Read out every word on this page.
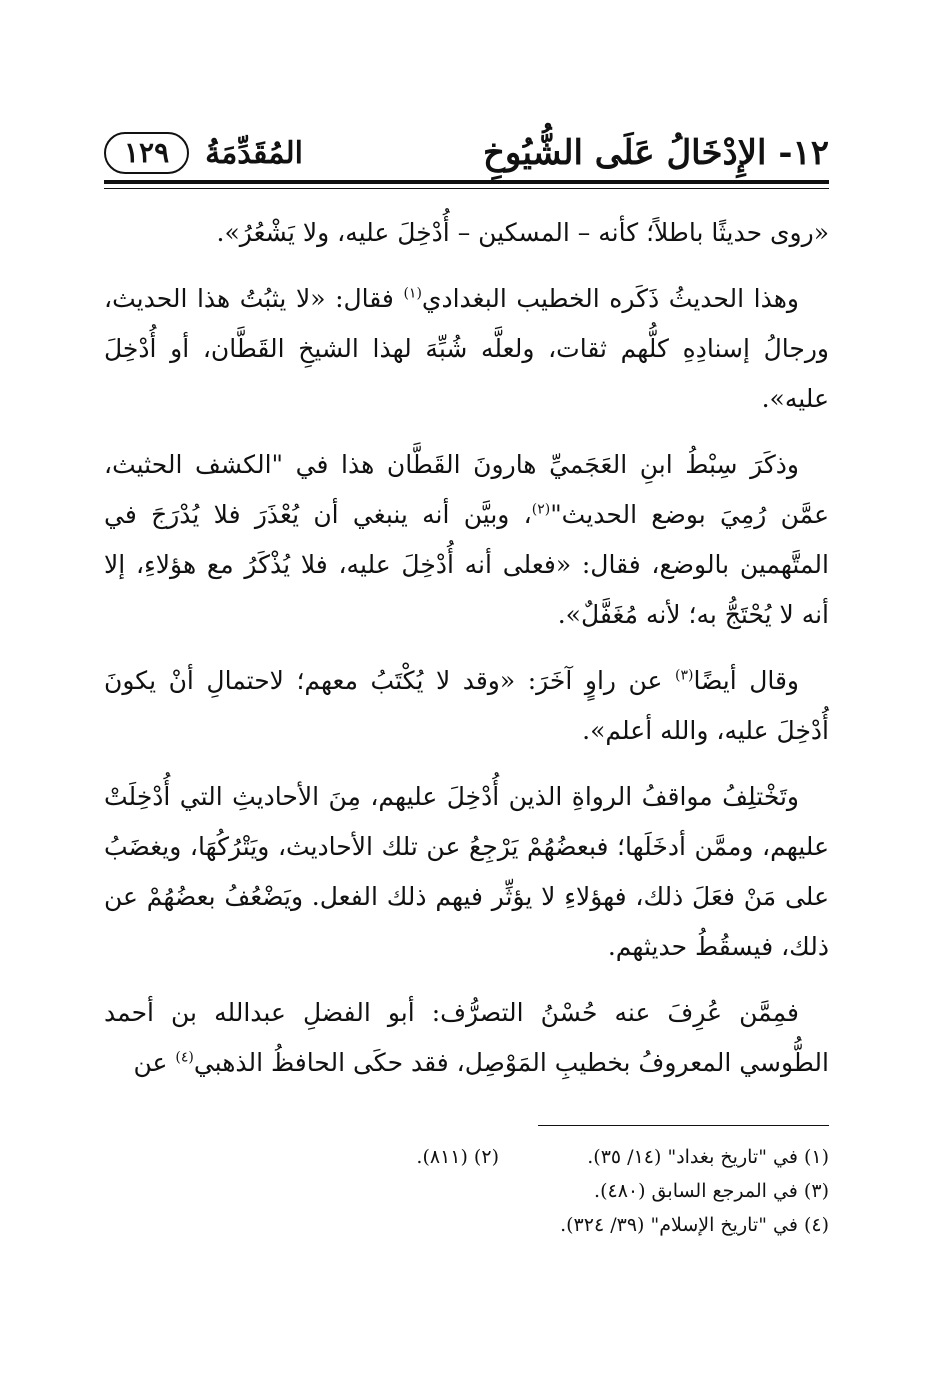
١٢- الإِدْخَالُ عَلَى الشُّيُوخِ
المُقَدِّمَةُ
١٢٩

«روى حديثًا باطلاً؛ كأنه – المسكين – أُدْخِلَ عليه، ولا يَشْعُرُ».

وهذا الحديثُ ذَكَره الخطيب البغدادي$^{(١)}$ فقال: «لا يثبُتُ هذا الحديث، ورجالُ إسنادِهِ كلُّهم ثقات، ولعلَّه شُبِّهَ لهذا الشيخِ القَطَّان، أو أُدْخِلَ عليه».

وذكَرَ سِبْطُ ابنِ العَجَميِّ هارونَ القَطَّان هذا في "الكشف الحثيث، عمَّن رُمِيَ بوضع الحديث"$^{(٢)}$، وبيَّن أنه ينبغي أن يُعْذَرَ فلا يُدْرَجَ في المتَّهمين بالوضع، فقال: «فعلى أنه أُدْخِلَ عليه، فلا يُذْكَرُ مع هؤلاءِ، إلا أنه لا يُحْتَجُّ به؛ لأنه مُغَفَّلٌ».

وقال أيضًا$^{(٣)}$ عن راوٍ آخَرَ: «وقد لا يُكْتَبُ معهم؛ لاحتمالِ أنْ يكونَ أُدْخِلَ عليه، والله أعلم».

وتَخْتلِفُ مواقفُ الرواةِ الذين أُدْخِلَ عليهم، مِنَ الأحاديثِ التي أُدْخِلَتْ عليهم، وممَّن أدخَلَها؛ فبعضُهُمْ يَرْجِعُ عن تلك الأحاديث، ويَتْرُكُهَا، ويغضَبُ على مَنْ فعَلَ ذلك، فهؤلاءِ لا يؤثِّر فيهم ذلك الفعل. ويَضْعُفُ بعضُهُمْ عن ذلك، فيسقُطُ حديثهم.

فمِمَّن عُرِفَ عنه حُسْنُ التصرُّف: أبو الفضلِ عبدالله بن أحمد الطُّوسي المعروفُ بخطيبِ المَوْصِل، فقد حكَى الحافظُ الذهبي$^{(٤)}$ عن

(١) في "تاريخ بغداد" (١٤/ ٣٥).
(٢) (٨١١).
(٣) في المرجع السابق (٤٨٠).
(٤) في "تاريخ الإسلام" (٣٩/ ٣٢٤).
